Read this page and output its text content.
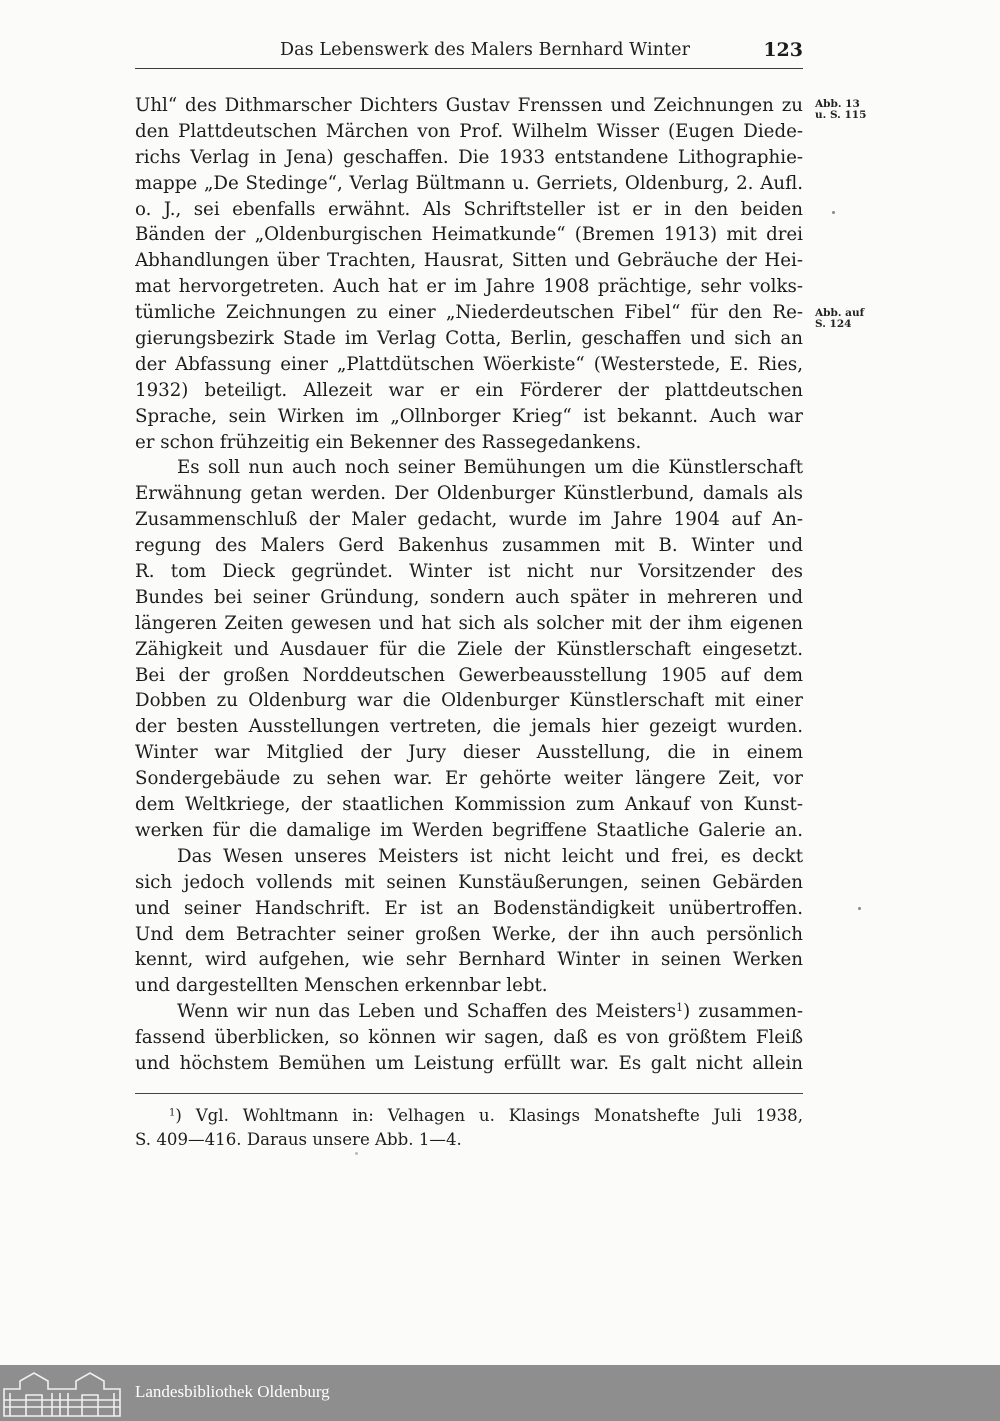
Das Lebenswerk des Malers Bernhard Winter	123
Abb. 13
u. S. 115
Abb. auf
S. 124
Uhl“ des Dithmarscher Dichters Gustav Frenssen und Zeichnungen zu
den Plattdeutschen Märchen von Prof. Wilhelm Wisser (Eugen Diede-
richs Verlag in Jena) geschaffen. Die 1933 entstandene Lithographie-
mappe „De Stedinge“, Verlag Bültmann u. Gerriets, Oldenburg, 2. Aufl.
o. J., sei ebenfalls erwähnt. Als Schriftsteller ist er in den beiden
Bänden der „Oldenburgischen Heimatkunde“ (Bremen 1913) mit drei
Abhandlungen über Trachten, Hausrat, Sitten und Gebräuche der Hei-
mat hervorgetreten. Auch hat er im Jahre 1908 prächtige, sehr volks-
tümliche Zeichnungen zu einer „Niederdeutschen Fibel“ für den Re-
gierungsbezirk Stade im Verlag Cotta, Berlin, geschaffen und sich an
der Abfassung einer „Plattdütschen Wöerkiste“ (Westerstede, E. Ries,
1932) beteiligt. Allezeit war er ein Förderer der plattdeutschen
Sprache, sein Wirken im „Ollnborger Krieg“ ist bekannt. Auch war
er schon frühzeitig ein Bekenner des Rassegedankens.
Es soll nun auch noch seiner Bemühungen um die Künstlerschaft
Erwähnung getan werden. Der Oldenburger Künstlerbund, damals als
Zusammenschluß der Maler gedacht, wurde im Jahre 1904 auf An-
regung des Malers Gerd Bakenhus zusammen mit B. Winter und
R. tom Dieck gegründet. Winter ist nicht nur Vorsitzender des
Bundes bei seiner Gründung, sondern auch später in mehreren und
längeren Zeiten gewesen und hat sich als solcher mit der ihm eigenen
Zähigkeit und Ausdauer für die Ziele der Künstlerschaft eingesetzt.
Bei der großen Norddeutschen Gewerbeausstellung 1905 auf dem
Dobben zu Oldenburg war die Oldenburger Künstlerschaft mit einer
der besten Ausstellungen vertreten, die jemals hier gezeigt wurden.
Winter war Mitglied der Jury dieser Ausstellung, die in einem
Sondergebäude zu sehen war. Er gehörte weiter längere Zeit, vor
dem Weltkriege, der staatlichen Kommission zum Ankauf von Kunst-
werken für die damalige im Werden begriffene Staatliche Galerie an.
Das Wesen unseres Meisters ist nicht leicht und frei, es deckt
sich jedoch vollends mit seinen Kunstäußerungen, seinen Gebärden
und seiner Handschrift. Er ist an Bodenständigkeit unübertroffen.
Und dem Betrachter seiner großen Werke, der ihn auch persönlich
kennt, wird aufgehen, wie sehr Bernhard Winter in seinen Werken
und dargestellten Menschen erkennbar lebt.
Wenn wir nun das Leben und Schaffen des Meisters$^1$) zusammen-
fassend überblicken, so können wir sagen, daß es von größtem Fleiß
und höchstem Bemühen um Leistung erfüllt war. Es galt nicht allein
$^1$) Vgl. Wohltmann in: Velhagen u. Klasings Monatshefte Juli 1938,
S. 409—416. Daraus unsere Abb. 1—4.
Landesbibliothek Oldenburg
